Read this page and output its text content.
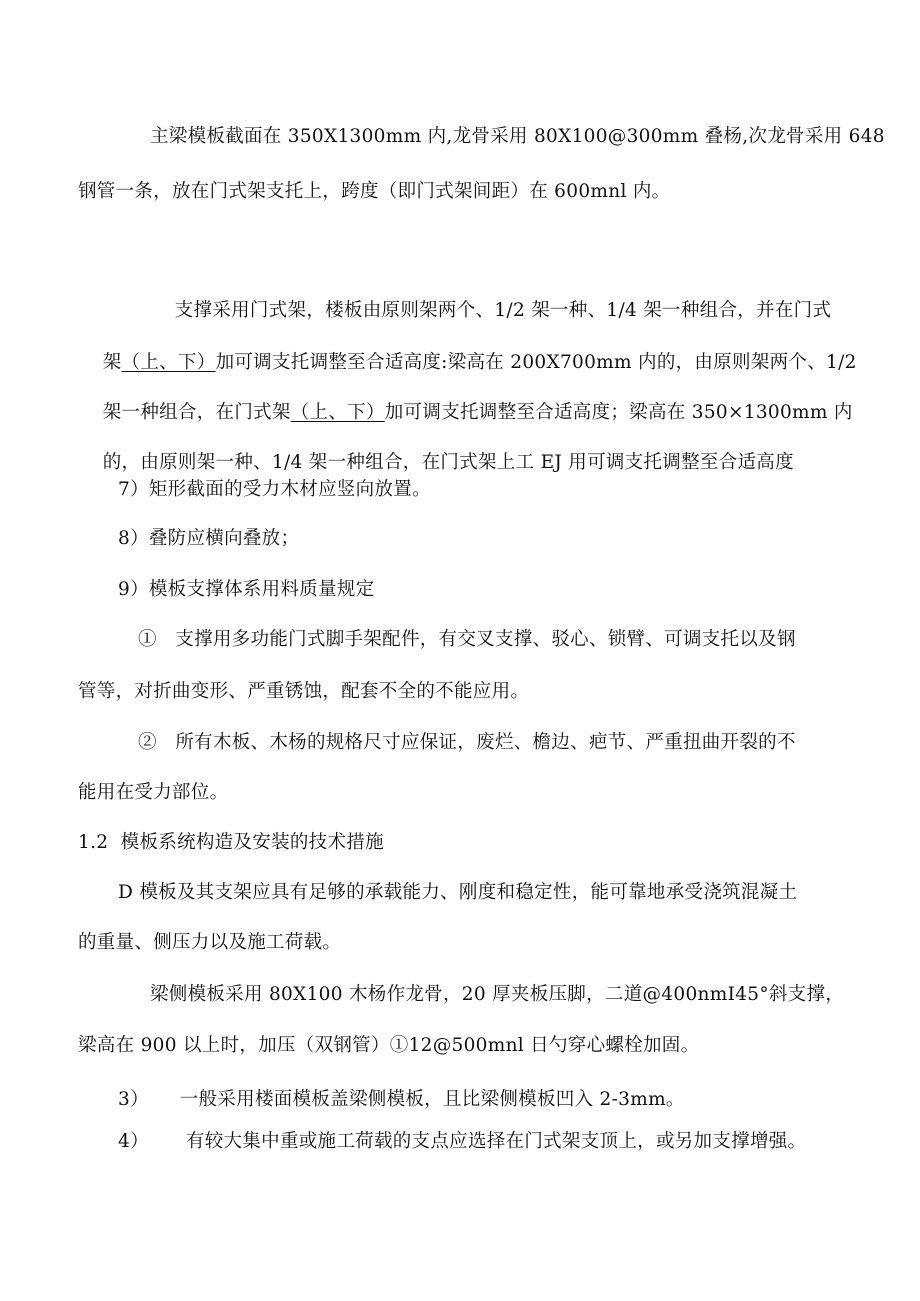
主梁模板截面在 350X1300mm 内,龙骨采用 80X100@300mm 叠杨,次龙骨采用 648
钢管一条，放在门式架支托上，跨度（即门式架间距）在 600mnl 内。

支撑采用门式架，楼板由原则架两个、1/2 架一种、1/4 架一种组合，并在门式

架（上、下）加可调支托调整至合适高度:梁高在 200X700mm 内的，由原则架两个、1/2

架一种组合，在门式架（上、下）加可调支托调整至合适高度；梁高在 350×1300mm 内

的，由原则架一种、1/4 架一种组合，在门式架上工 EJ 用可调支托调整至合适高度

7）矩形截面的受力木材应竖向放置。
8）叠防应横向叠放；
9）模板支撑体系用料质量规定
①   支撑用多功能门式脚手架配件，有交叉支撑、驳心、锁臂、可调支托以及钢
管等，对折曲变形、严重锈蚀，配套不全的不能应用。
②   所有木板、木杨的规格尺寸应保证，废烂、檐边、疤节、严重扭曲开裂的不
能用在受力部位。
1.2  模板系统构造及安装的技术措施
D 模板及其支架应具有足够的承载能力、刚度和稳定性，能可靠地承受浇筑混凝土
的重量、侧压力以及施工荷载。
梁侧模板采用 80X100 木杨作龙骨，20 厚夹板压脚，二道@400nmI45°斜支撑，
梁高在 900 以上时，加压（双钢管）①12@500mnl 日勺穿心螺栓加固。
3）     一般采用楼面模板盖梁侧模板，且比梁侧模板凹入 2-3mm。
4）      有较大集中重或施工荷载的支点应选择在门式架支顶上，或另加支撑增强。
